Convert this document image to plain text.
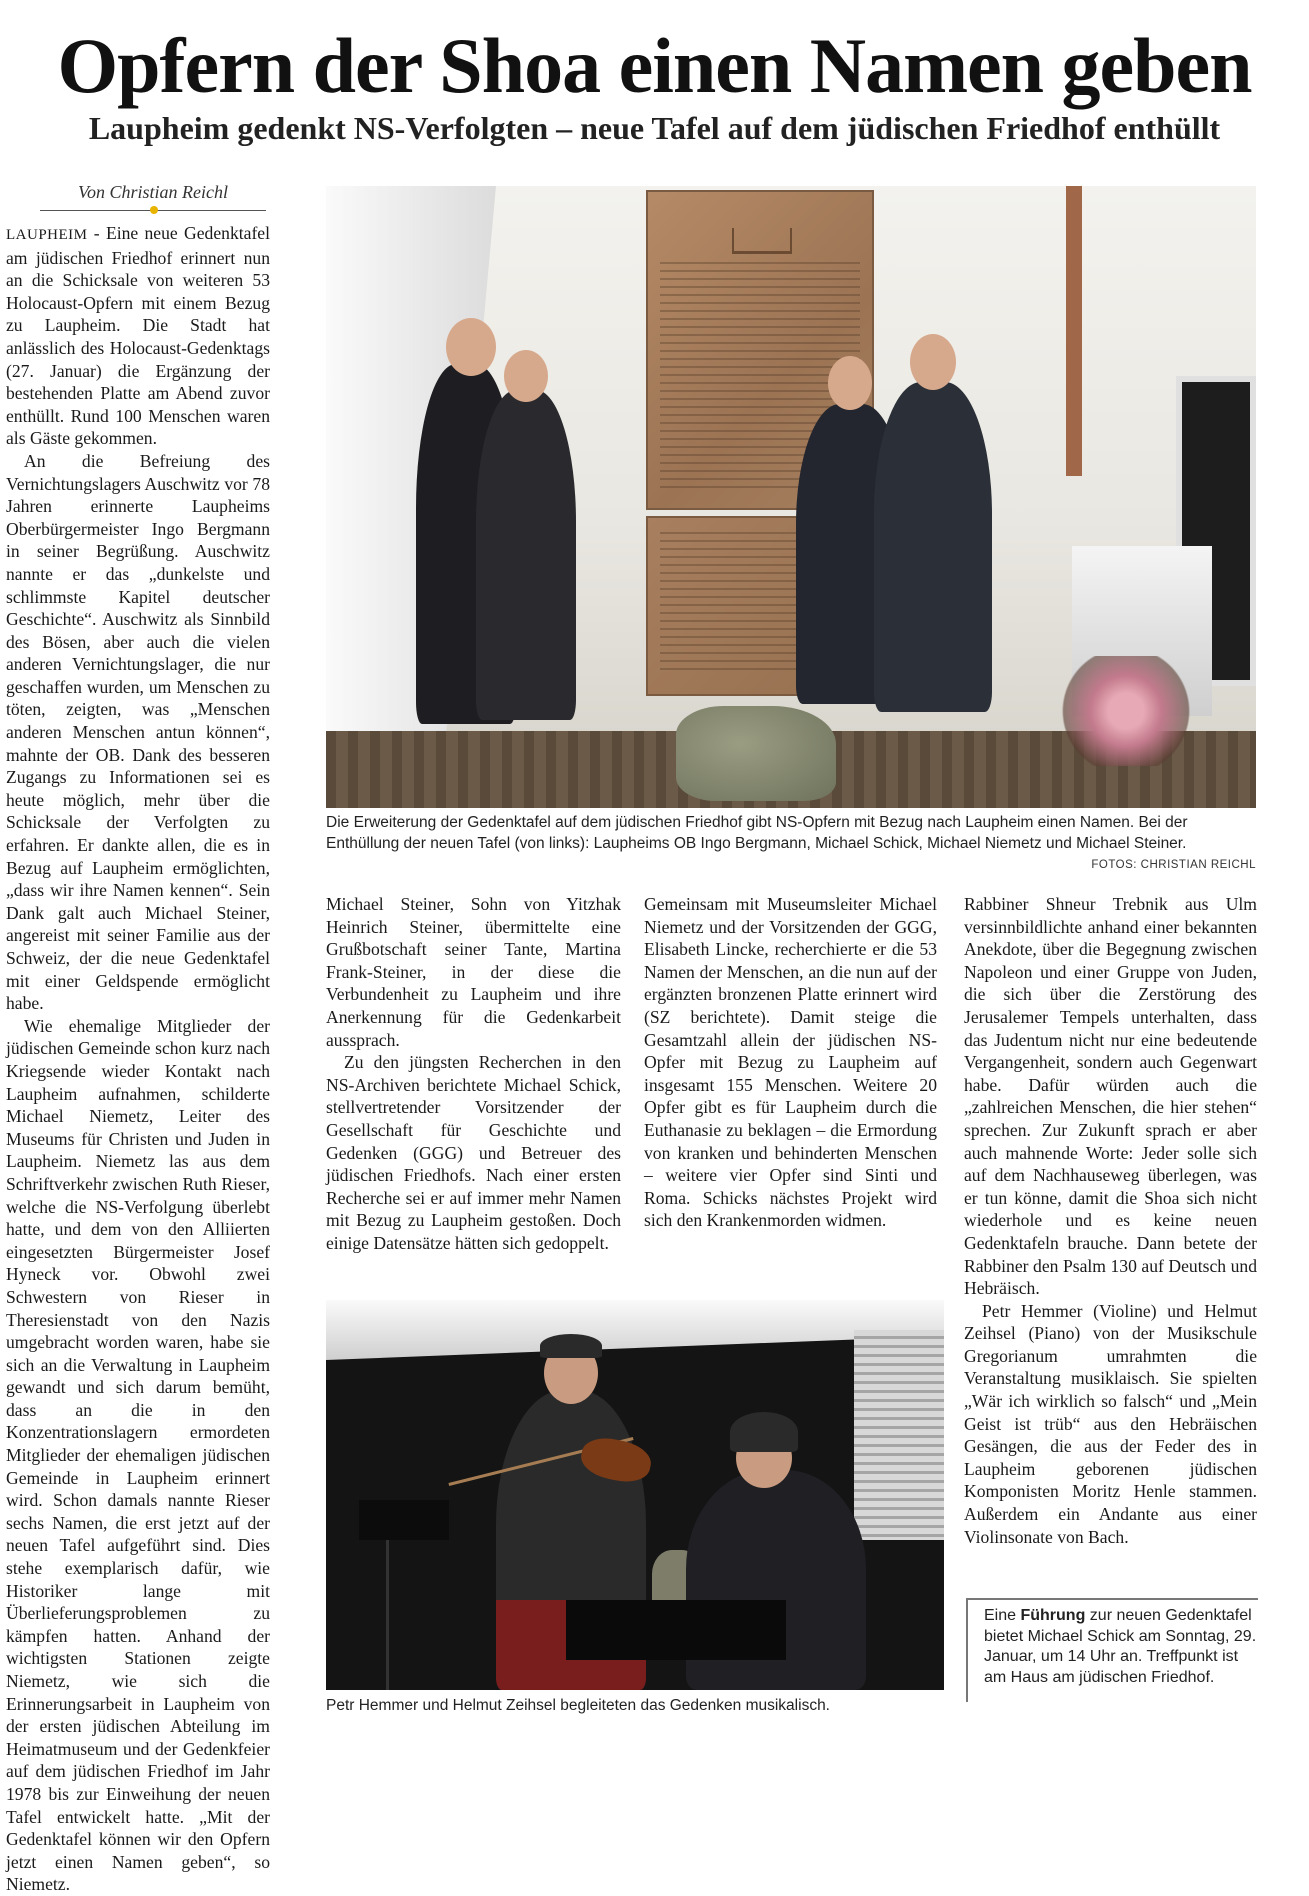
Opfern der Shoa einen Namen geben
Laupheim gedenkt NS-Verfolgten – neue Tafel auf dem jüdischen Friedhof enthüllt
Von Christian Reichl

LAUPHEIM - Eine neue Gedenktafel am jüdischen Friedhof erinnert nun an die Schicksale von weiteren 53 Holocaust-Opfern mit einem Bezug zu Laupheim. Die Stadt hat anlässlich des Holocaust-Gedenktags (27. Januar) die Ergänzung der bestehenden Platte am Abend zuvor enthüllt. Rund 100 Menschen waren als Gäste gekommen.

An die Befreiung des Vernichtungslagers Auschwitz vor 78 Jahren erinnerte Laupheims Oberbürgermeister Ingo Bergmann in seiner Begrüßung. Auschwitz nannte er das „dunkelste und schlimmste Kapitel deutscher Geschichte“. Auschwitz als Sinnbild des Bösen, aber auch die vielen anderen Vernichtungslager, die nur geschaffen wurden, um Menschen zu töten, zeigten, was „Menschen anderen Menschen antun können“, mahnte der OB. Dank des besseren Zugangs zu Informationen sei es heute möglich, mehr über die Schicksale der Verfolgten zu erfahren. Er dankte allen, die es in Bezug auf Laupheim ermöglichten, „dass wir ihre Namen kennen“. Sein Dank galt auch Michael Steiner, angereist mit seiner Familie aus der Schweiz, der die neue Gedenktafel mit einer Geldspende ermöglicht habe.

Wie ehemalige Mitglieder der jüdischen Gemeinde schon kurz nach Kriegsende wieder Kontakt nach Laupheim aufnahmen, schilderte Michael Niemetz, Leiter des Museums für Christen und Juden in Laupheim. Niemetz las aus dem Schriftverkehr zwischen Ruth Rieser, welche die NS-Verfolgung überlebt hatte, und dem von den Alliierten eingesetzten Bürgermeister Josef Hyneck vor. Obwohl zwei Schwestern von Rieser in Theresienstadt von den Nazis umgebracht worden waren, habe sie sich an die Verwaltung in Laupheim gewandt und sich darum bemüht, dass an die in den Konzentrationslagern ermordeten Mitglieder der ehemaligen jüdischen Gemeinde in Laupheim erinnert wird. Schon damals nannte Rieser sechs Namen, die erst jetzt auf der neuen Tafel aufgeführt sind. Dies stehe exemplarisch dafür, wie Historiker lange mit Überlieferungsproblemen zu kämpfen hatten. Anhand der wichtigsten Stationen zeigte Niemetz, wie sich die Erinnerungsarbeit in Laupheim von der ersten jüdischen Abteilung im Heimatmuseum und der Gedenkfeier auf dem jüdischen Friedhof im Jahr 1978 bis zur Einweihung der neuen Tafel entwickelt hatte. „Mit der Gedenktafel können wir den Opfern jetzt einen Namen geben“, so Niemetz.

Die Erweiterung der Gedenktafel auf dem jüdischen Friedhof gibt NS-Opfern mit Bezug nach Laupheim einen Namen. Bei der Enthüllung der neuen Tafel (von links): Laupheims OB Ingo Bergmann, Michael Schick, Michael Niemetz und Michael Steiner.
FOTOS: CHRISTIAN REICHL

Michael Steiner, Sohn von Yitzhak Heinrich Steiner, übermittelte eine Grußbotschaft seiner Tante, Martina Frank-Steiner, in der diese die Verbundenheit zu Laupheim und ihre Anerkennung für die Gedenkarbeit aussprach.

Zu den jüngsten Recherchen in den NS-Archiven berichtete Michael Schick, stellvertretender Vorsitzender der Gesellschaft für Geschichte und Gedenken (GGG) und Betreuer des jüdischen Friedhofs. Nach einer ersten Recherche sei er auf immer mehr Namen mit Bezug zu Laupheim gestoßen. Doch einige Datensätze hätten sich gedoppelt.

Gemeinsam mit Museumsleiter Michael Niemetz und der Vorsitzenden der GGG, Elisabeth Lincke, recherchierte er die 53 Namen der Menschen, an die nun auf der ergänzten bronzenen Platte erinnert wird (SZ berichtete). Damit steige die Gesamtzahl allein der jüdischen NS-Opfer mit Bezug zu Laupheim auf insgesamt 155 Menschen. Weitere 20 Opfer gibt es für Laupheim durch die Euthanasie zu beklagen – die Ermordung von kranken und behinderten Menschen – weitere vier Opfer sind Sinti und Roma. Schicks nächstes Projekt wird sich den Krankenmorden widmen.

Rabbiner Shneur Trebnik aus Ulm versinnbildlichte anhand einer bekannten Anekdote, über die Begegnung zwischen Napoleon und einer Gruppe von Juden, die sich über die Zerstörung des Jerusalemer Tempels unterhalten, dass das Judentum nicht nur eine bedeutende Vergangenheit, sondern auch Gegenwart habe. Dafür würden auch die „zahlreichen Menschen, die hier stehen“ sprechen. Zur Zukunft sprach er aber auch mahnende Worte: Jeder solle sich auf dem Nachhauseweg überlegen, was er tun könne, damit die Shoa sich nicht wiederhole und es keine neuen Gedenktafeln brauche. Dann betete der Rabbiner den Psalm 130 auf Deutsch und Hebräisch.

Petr Hemmer (Violine) und Helmut Zeihsel (Piano) von der Musikschule Gregorianum umrahmten die Veranstaltung musiklaisch. Sie spielten „Wär ich wirklich so falsch“ und „Mein Geist ist trüb“ aus den Hebräischen Gesängen, die aus der Feder des in Laupheim geborenen jüdischen Komponisten Moritz Henle stammen. Außerdem ein Andante aus einer Violinsonate von Bach.

Petr Hemmer und Helmut Zeihsel begleiteten das Gedenken musikalisch.
Eine Führung zur neuen Gedenktafel bietet Michael Schick am Sonntag, 29. Januar, um 14 Uhr an. Treffpunkt ist am Haus am jüdischen Friedhof.
